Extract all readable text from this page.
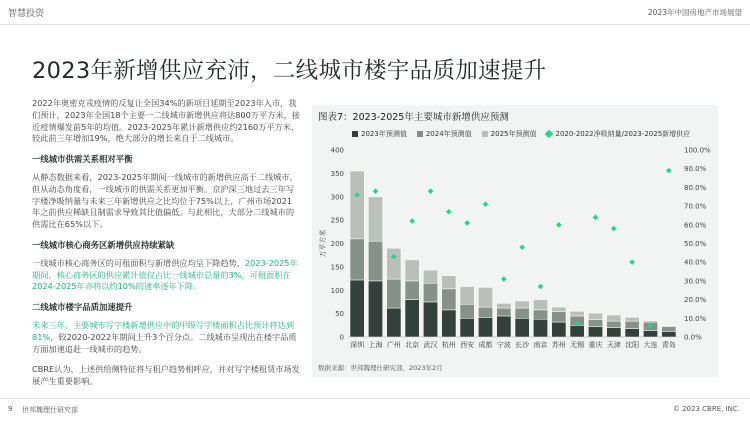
智慧投资	2023年中国房地产市场展望
2023年新增供应充沛，二线城市楼宇品质加速提升

2022年奥密克戎疫情的反复让全国34%的新项目延期至2023年入市，我们预计，2023年全国18个主要一二线城市新增供应将达800万平方米，接近疫情爆发前5年的均值。2023-2025年累计新增供应约2160万平方米，较此前三年增加19%，绝大部分的增长来自于二线城市。

一线城市供需关系相对平衡

从静态数据来看，2023-2025年期间一线城市的新增供应高于二线城市，但从动态角度看，一线城市的供需关系更加平衡。京沪深三地过去三年写字楼净吸纳量与未来三年新增供应之比均位于75%以上，广州市场2021年之前供应稀缺且制需求导致其比值偏低。与此相比，大部分二线城市的供需比在65%以下。

一线城市核心商务区新增供应持续紧缺

一线城市核心商务区的可租面积与新增供应均呈下降趋势，2023-2025年期间，核心商务区的供应累计值仅占比一线城市总量的3%，可租面积在2024-2025年亦将以约10%的速率逐年下降。

二线城市楼宇品质加速提升

未来三年，主要城市写字楼新增供应中的甲级写字楼面积占比预计将达到81%，较2020-2022年期间上升3个百分点。二线城市呈现出在楼宇品质方面加速追赶一线城市的趋势。

CBRE认为，上述供给侧特征将与租户趋势相呼应，并对写字楼租赁市场发展产生重要影响。

0
50
100
150
200
250
300
350
400
0.0%
10.0%
20.0%
30.0%
40.0%
50.0%
60.0%
70.0%
80.0%
90.0%
100.0%
万平方米
深圳 上海 广州 北京 武汉 杭州 西安 成都 宁波 长沙 南京 苏州 无锡 重庆 天津 沈阳 大连 青岛
图表7：2023-2025年主要城市新增供应预测
2023年预测值	2024年预测值	2025年预测值	2020-2022净吸纳量/2023-2025新增供应
数据来源：世邦魏理仕研究部，2023年2月
9 世邦魏理仕研究部	© 2023 CBRE, INC.
